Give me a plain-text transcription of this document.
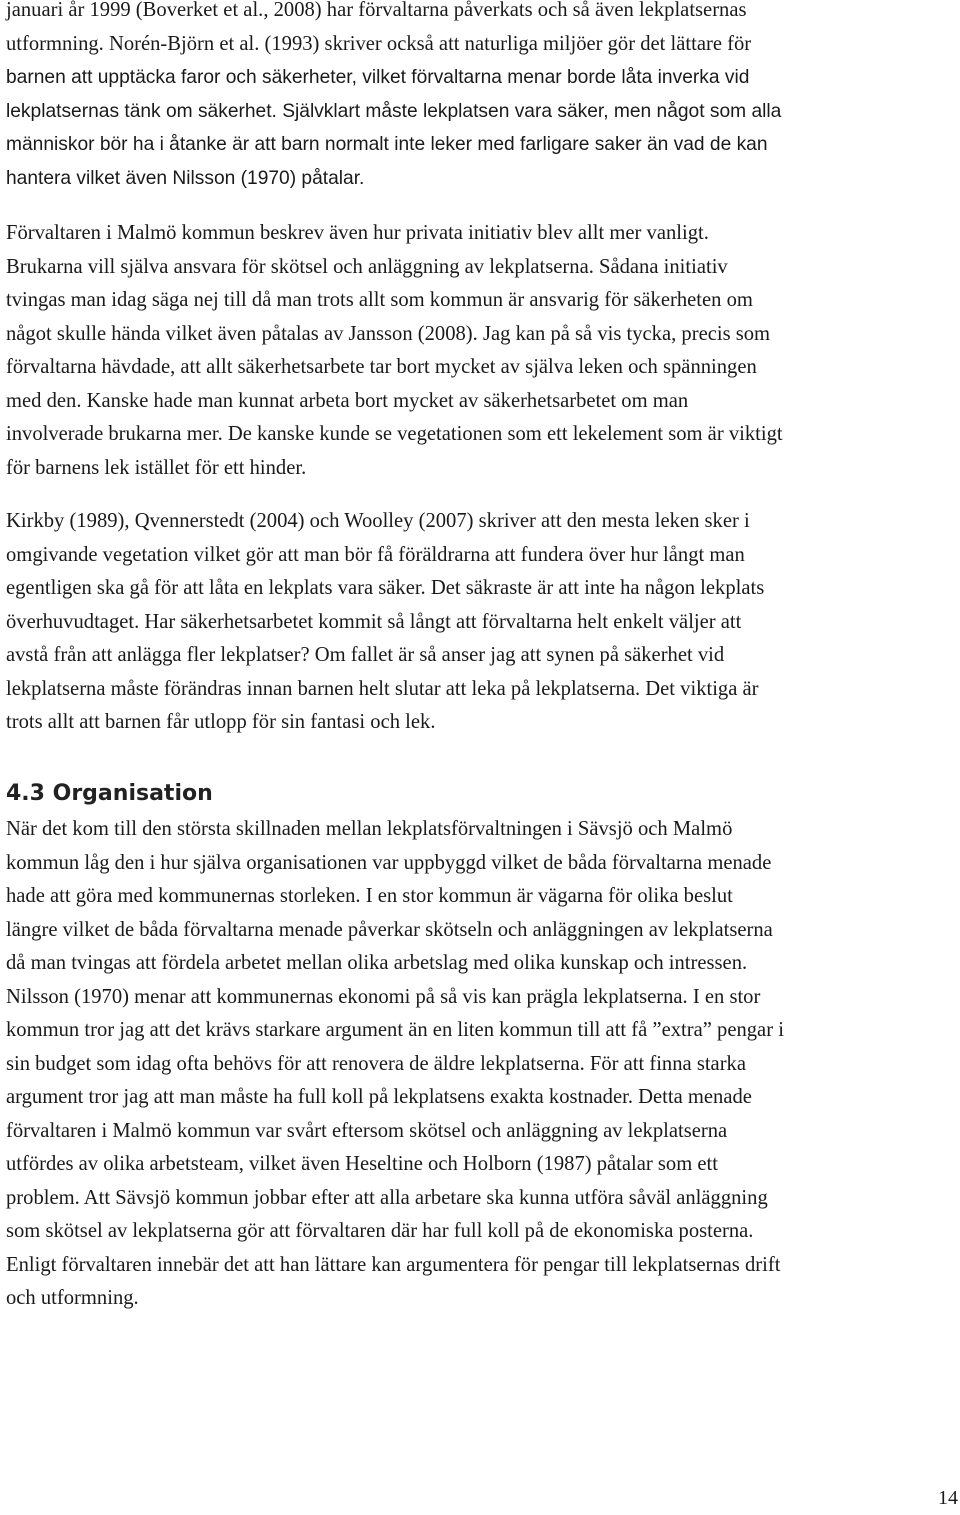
januari år 1999 (Boverket et al., 2008) har förvaltarna påverkats och så även lekplatsernas
utformning. Norén-Björn et al. (1993) skriver också att naturliga miljöer gör det lättare för
barnen att upptäcka faror och säkerheter, vilket förvaltarna menar borde låta inverka vid
lekplatsernas tänk om säkerhet. Självklart måste lekplatsen vara säker, men något som alla
människor bör ha i åtanke är att barn normalt inte leker med farligare saker än vad de kan
hantera vilket även Nilsson (1970) påtalar.
Förvaltaren i Malmö kommun beskrev även hur privata initiativ blev allt mer vanligt.
Brukarna vill själva ansvara för skötsel och anläggning av lekplatserna. Sådana initiativ
tvingas man idag säga nej till då man trots allt som kommun är ansvarig för säkerheten om
något skulle hända vilket även påtalas av Jansson (2008). Jag kan på så vis tycka, precis som
förvaltarna hävdade, att allt säkerhetsarbete tar bort mycket av själva leken och spänningen
med den. Kanske hade man kunnat arbeta bort mycket av säkerhetsarbetet om man
involverade brukarna mer. De kanske kunde se vegetationen som ett lekelement som är viktigt
för barnens lek istället för ett hinder.
Kirkby (1989), Qvennerstedt (2004) och Woolley (2007) skriver att den mesta leken sker i
omgivande vegetation vilket gör att man bör få föräldrarna att fundera över hur långt man
egentligen ska gå för att låta en lekplats vara säker. Det säkraste är att inte ha någon lekplats
överhuvudtaget. Har säkerhetsarbetet kommit så långt att förvaltarna helt enkelt väljer att
avstå från att anlägga fler lekplatser? Om fallet är så anser jag att synen på säkerhet vid
lekplatserna måste förändras innan barnen helt slutar att leka på lekplatserna. Det viktiga är
trots allt att barnen får utlopp för sin fantasi och lek.
4.3 Organisation
När det kom till den största skillnaden mellan lekplatsförvaltningen i Sävsjö och Malmö
kommun låg den i hur själva organisationen var uppbyggd vilket de båda förvaltarna menade
hade att göra med kommunernas storleken. I en stor kommun är vägarna för olika beslut
längre vilket de båda förvaltarna menade påverkar skötseln och anläggningen av lekplatserna
då man tvingas att fördela arbetet mellan olika arbetslag med olika kunskap och intressen.
Nilsson (1970) menar att kommunernas ekonomi på så vis kan prägla lekplatserna. I en stor
kommun tror jag att det krävs starkare argument än en liten kommun till att få ”extra” pengar i
sin budget som idag ofta behövs för att renovera de äldre lekplatserna. För att finna starka
argument tror jag att man måste ha full koll på lekplatsens exakta kostnader. Detta menade
förvaltaren i Malmö kommun var svårt eftersom skötsel och anläggning av lekplatserna
utfördes av olika arbetsteam, vilket även Heseltine och Holborn (1987) påtalar som ett
problem. Att Sävsjö kommun jobbar efter att alla arbetare ska kunna utföra såväl anläggning
som skötsel av lekplatserna gör att förvaltaren där har full koll på de ekonomiska posterna.
Enligt förvaltaren innebär det att han lättare kan argumentera för pengar till lekplatsernas drift
och utformning.
14
